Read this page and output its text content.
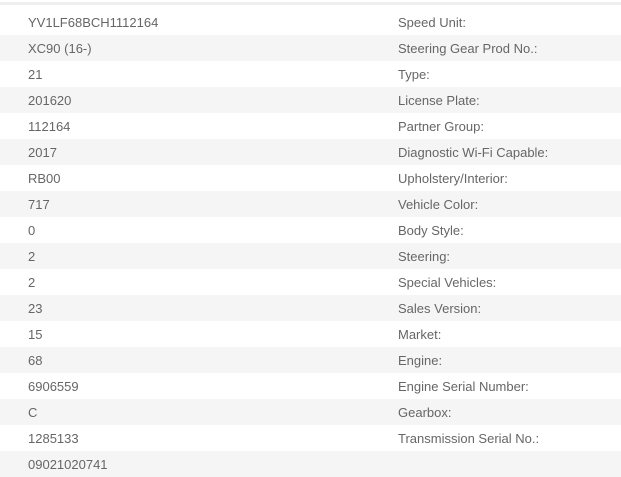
YV1LF68BCH1112164	Speed Unit:
XC90 (16-)	Steering Gear Prod No.:
21	Type:
201620	License Plate:
112164	Partner Group:
2017	Diagnostic Wi-Fi Capable:
RB00	Upholstery/Interior:
717	Vehicle Color:
0	Body Style:
2	Steering:
2	Special Vehicles:
23	Sales Version:
15	Market:
68	Engine:
6906559	Engine Serial Number:
C	Gearbox:
1285133	Transmission Serial No.:
09021020741
